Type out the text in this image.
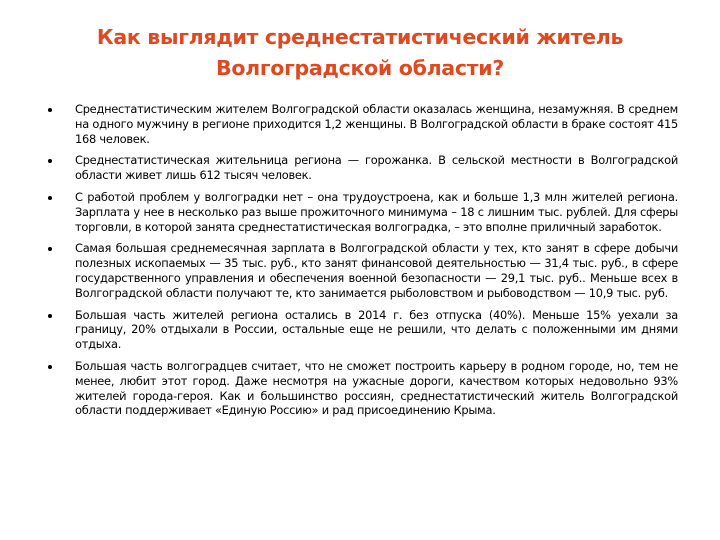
Как выглядит среднестатистический житель Волгоградской области?
Среднестатистическим жителем Волгоградской области оказалась женщина, незамужняя. В среднем на одного мужчину в регионе приходится 1,2 женщины. В Волгоградской области в браке состоят 415 168 человек.
Среднестатистическая жительница региона — горожанка. В сельской местности в Волгоградской области живет лишь 612 тысяч человек.
С работой проблем у волгоградки нет – она трудоустроена, как и больше 1,3 млн жителей региона. Зарплата у нее в несколько раз выше прожиточного минимума – 18 с лишним тыс. рублей. Для сферы торговли, в которой занята среднестатистическая волгоградка, – это вполне приличный заработок.
Самая большая среднемесячная зарплата в Волгоградской области у тех, кто занят в сфере добычи полезных ископаемых — 35 тыс. руб., кто занят финансовой деятельностью — 31,4 тыс. руб., в сфере государственного управления и обеспечения военной безопасности — 29,1 тыс. руб.. Меньше всех в Волгоградской области получают те, кто занимается рыболовством и рыбоводством — 10,9 тыс. руб.
Большая часть жителей региона остались в 2014 г. без отпуска (40%). Меньше 15% уехали за границу, 20% отдыхали в России, остальные еще не решили, что делать с положенными им днями отдыха.
Большая часть волгоградцев считает, что не сможет построить карьеру в родном городе, но, тем не менее, любит этот город. Даже несмотря на ужасные дороги, качеством которых недовольно 93% жителей города-героя. Как и большинство россиян, среднестатистический житель Волгоградской области поддерживает «Единую Россию» и рад присоединению Крыма.
